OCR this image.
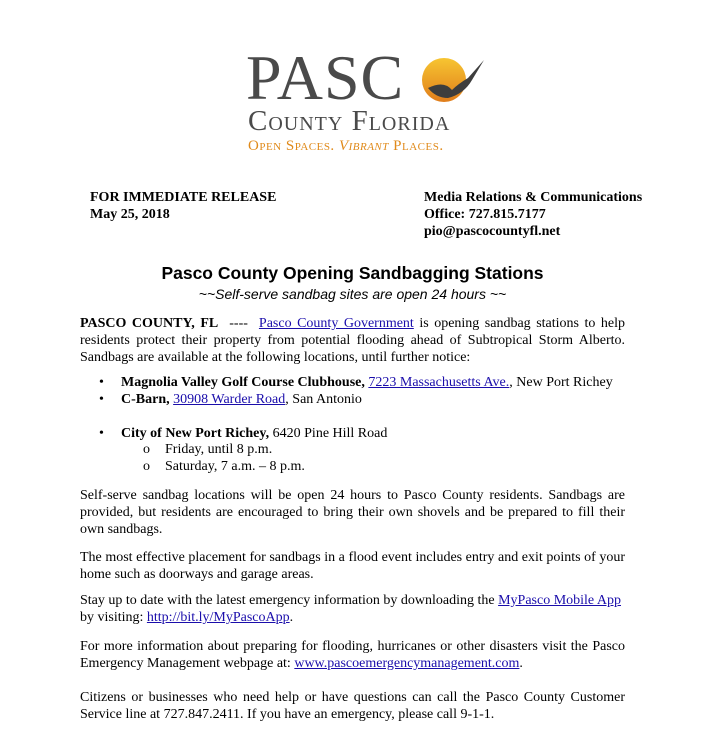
PASC
County Florida
Open Spaces. Vibrant Places.
FOR IMMEDIATE RELEASE
May 25, 2018
Media Relations & Communications
Office: 727.815.7177
pio@pascocountyfl.net
Pasco County Opening Sandbagging Stations
~~Self-serve sandbag sites are open 24 hours ~~
PASCO COUNTY, FL  ----  Pasco County Government is opening sandbag stations to help residents protect their property from potential flooding ahead of Subtropical Storm Alberto. Sandbags are available at the following locations, until further notice:
•	Magnolia Valley Golf Course Clubhouse, 7223 Massachusetts Ave., New Port Richey
•	C-Barn, 30908 Warder Road, San Antonio
•	City of New Port Richey, 6420 Pine Hill Road
o Friday, until 8 p.m.
o Saturday, 7 a.m. – 8 p.m.
Self-serve sandbag locations will be open 24 hours to Pasco County residents. Sandbags are provided, but residents are encouraged to bring their own shovels and be prepared to fill their own sandbags.
The most effective placement for sandbags in a flood event includes entry and exit points of your home such as doorways and garage areas.
Stay up to date with the latest emergency information by downloading the MyPasco Mobile App
by visiting: http://bit.ly/MyPascoApp.
For more information about preparing for flooding, hurricanes or other disasters visit the Pasco Emergency Management webpage at: www.pascoemergencymanagement.com.
Citizens or businesses who need help or have questions can call the Pasco County Customer Service line at 727.847.2411. If you have an emergency, please call 9-1-1.
